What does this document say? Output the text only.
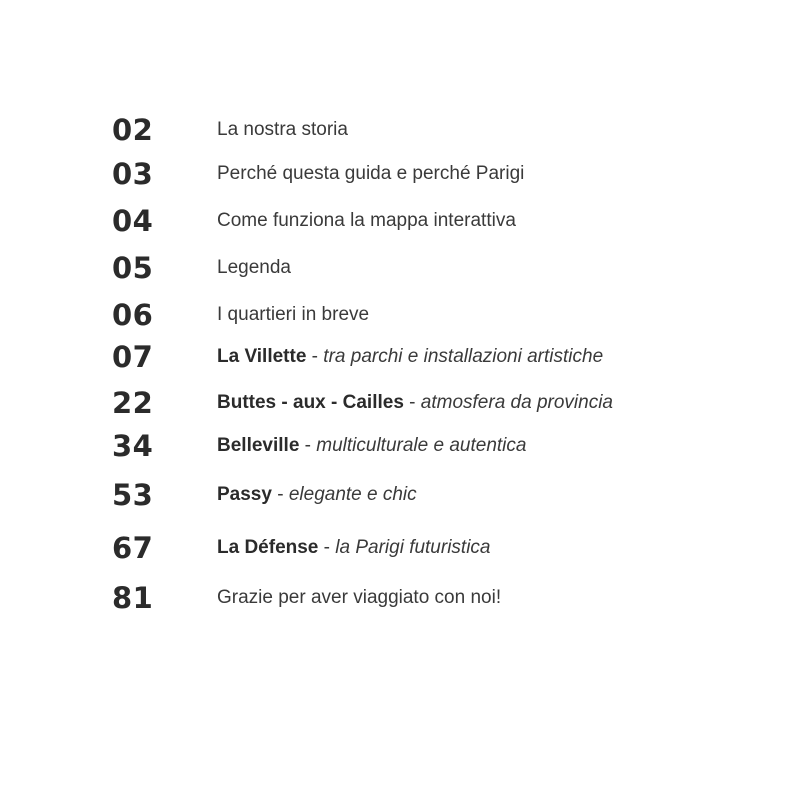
02	La nostra storia
03	Perché questa guida e perché Parigi
04	Come funziona la mappa interattiva
05	Legenda
06	I quartieri in breve
07	La Villette - tra parchi e installazioni artistiche
22	Buttes - aux - Cailles - atmosfera da provincia
34	Belleville - multiculturale e autentica
53	Passy - elegante e chic
67	La Défense - la Parigi futuristica
81	Grazie per aver viaggiato con noi!
